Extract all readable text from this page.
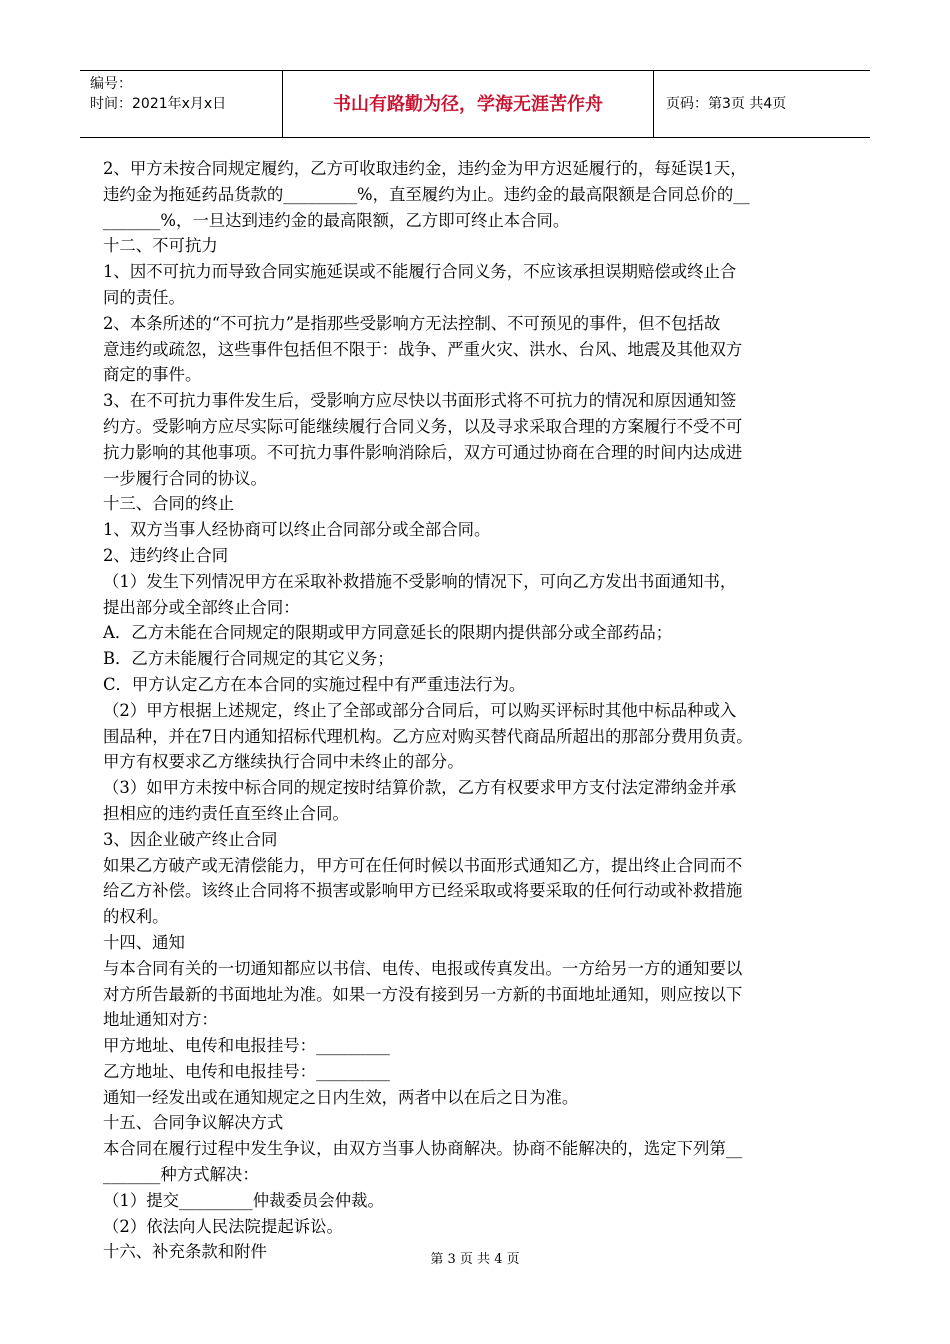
编号：
时间：2021年x月x日	书山有路勤为径，学海无涯苦作舟	页码：第3页 共4页

2、甲方未按合同规定履约，乙方可收取违约金，违约金为甲方迟延履行的，每延误1天，

违约金为拖延药品货款的_________%，直至履约为止。违约金的最高限额是合同总价的__

_______%，一旦达到违约金的最高限额，乙方即可终止本合同。

十二、不可抗力

1、因不可抗力而导致合同实施延误或不能履行合同义务，不应该承担误期赔偿或终止合

同的责任。

2、本条所述的“不可抗力”是指那些受影响方无法控制、不可预见的事件，但不包括故

意违约或疏忽，这些事件包括但不限于：战争、严重火灾、洪水、台风、地震及其他双方

商定的事件。

3、在不可抗力事件发生后，受影响方应尽快以书面形式将不可抗力的情况和原因通知签

约方。受影响方应尽实际可能继续履行合同义务，以及寻求采取合理的方案履行不受不可

抗力影响的其他事项。不可抗力事件影响消除后，双方可通过协商在合理的时间内达成进

一步履行合同的协议。

十三、合同的终止

1、双方当事人经协商可以终止合同部分或全部合同。

2、违约终止合同

（1）发生下列情况甲方在采取补救措施不受影响的情况下，可向乙方发出书面通知书，

提出部分或全部终止合同：

A．乙方未能在合同规定的限期或甲方同意延长的限期内提供部分或全部药品；

B．乙方未能履行合同规定的其它义务；

C．甲方认定乙方在本合同的实施过程中有严重违法行为。

（2）甲方根据上述规定，终止了全部或部分合同后，可以购买评标时其他中标品种或入

围品种，并在7日内通知招标代理机构。乙方应对购买替代商品所超出的那部分费用负责。

甲方有权要求乙方继续执行合同中未终止的部分。

（3）如甲方未按中标合同的规定按时结算价款，乙方有权要求甲方支付法定滞纳金并承

担相应的违约责任直至终止合同。

3、因企业破产终止合同

如果乙方破产或无清偿能力，甲方可在任何时候以书面形式通知乙方，提出终止合同而不

给乙方补偿。该终止合同将不损害或影响甲方已经采取或将要采取的任何行动或补救措施

的权利。

十四、通知

与本合同有关的一切通知都应以书信、电传、电报或传真发出。一方给另一方的通知要以

对方所告最新的书面地址为准。如果一方没有接到另一方新的书面地址通知，则应按以下

地址通知对方：

甲方地址、电传和电报挂号：_________

乙方地址、电传和电报挂号：_________

通知一经发出或在通知规定之日内生效，两者中以在后之日为准。

十五、合同争议解决方式

本合同在履行过程中发生争议，由双方当事人协商解决。协商不能解决的，选定下列第__

_______种方式解决：

（1）提交_________仲裁委员会仲裁。

（2）依法向人民法院提起诉讼。

十六、补充条款和附件	第 3 页 共 4 页
